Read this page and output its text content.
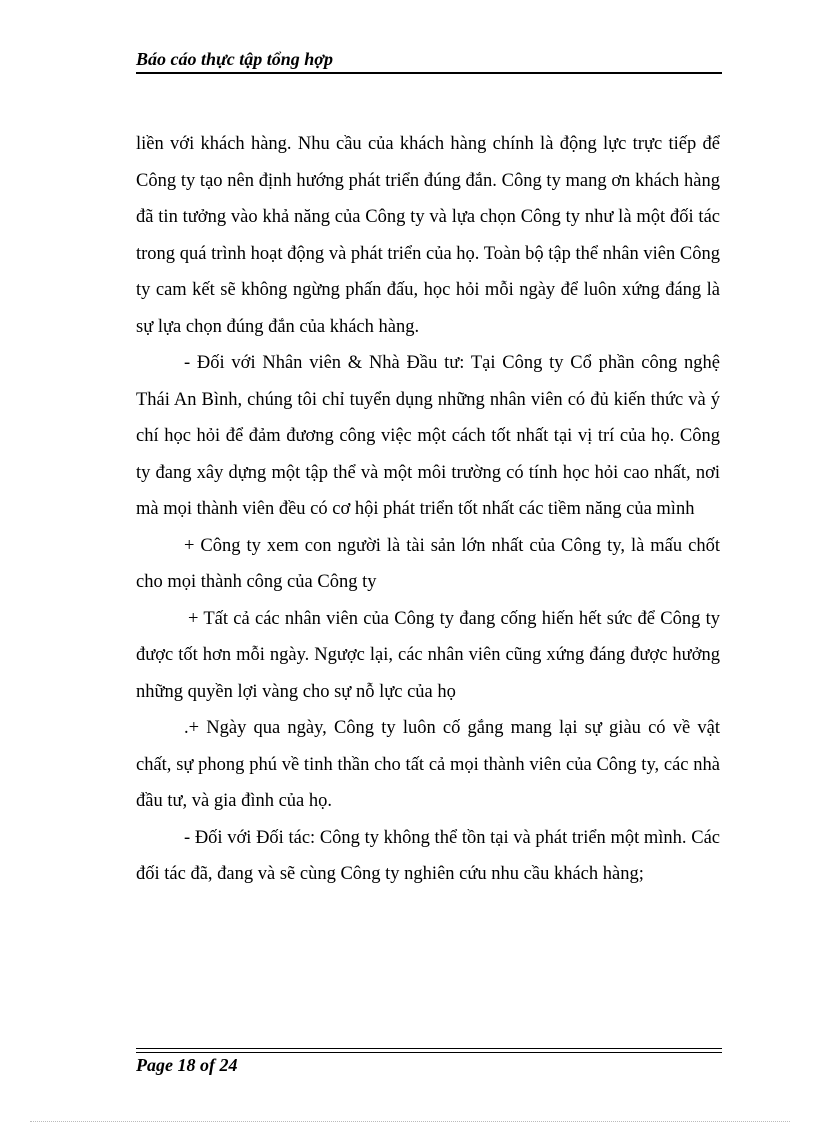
Báo cáo thực tập tổng hợp

liền với khách hàng. Nhu cầu của khách hàng chính là động lực trực tiếp để Công ty tạo nên định hướng phát triển đúng đắn. Công ty mang ơn khách hàng đã tin tưởng vào khả năng của Công ty và lựa chọn Công ty như là một đối tác trong quá trình hoạt động và phát triển của họ. Toàn bộ tập thể nhân viên Công ty cam kết sẽ không ngừng phấn đấu, học hỏi mỗi ngày để luôn xứng đáng là sự lựa chọn đúng đắn của khách hàng.

- Đối với Nhân viên & Nhà Đầu tư: Tại Công ty Cổ phần công nghệ Thái An Bình, chúng tôi chỉ tuyển dụng những nhân viên có đủ kiến thức và ý chí học hỏi để đảm đương công việc một cách tốt nhất tại vị trí của họ. Công ty đang xây dựng một tập thể và một môi trường có tính học hỏi cao nhất, nơi mà mọi thành viên đều có cơ hội phát triển tốt nhất các tiềm năng của mình

+ Công ty xem con người là tài sản lớn nhất của Công ty, là mấu chốt cho mọi thành công của Công ty

+ Tất cả các nhân viên của Công ty đang cống hiến hết sức để Công ty được tốt hơn mỗi ngày. Ngược lại, các nhân viên cũng xứng đáng được hưởng những quyền lợi vàng cho sự nỗ lực của họ

.+ Ngày qua ngày, Công ty luôn cố gắng mang lại sự giàu có về vật chất, sự phong phú về tinh thần cho tất cả mọi thành viên của Công ty, các nhà đầu tư, và gia đình của họ.

- Đối với Đối tác: Công ty không thể tồn tại và phát triển một mình. Các đối tác đã, đang và sẽ cùng Công ty nghiên cứu nhu cầu khách hàng;

Page 18 of 24
